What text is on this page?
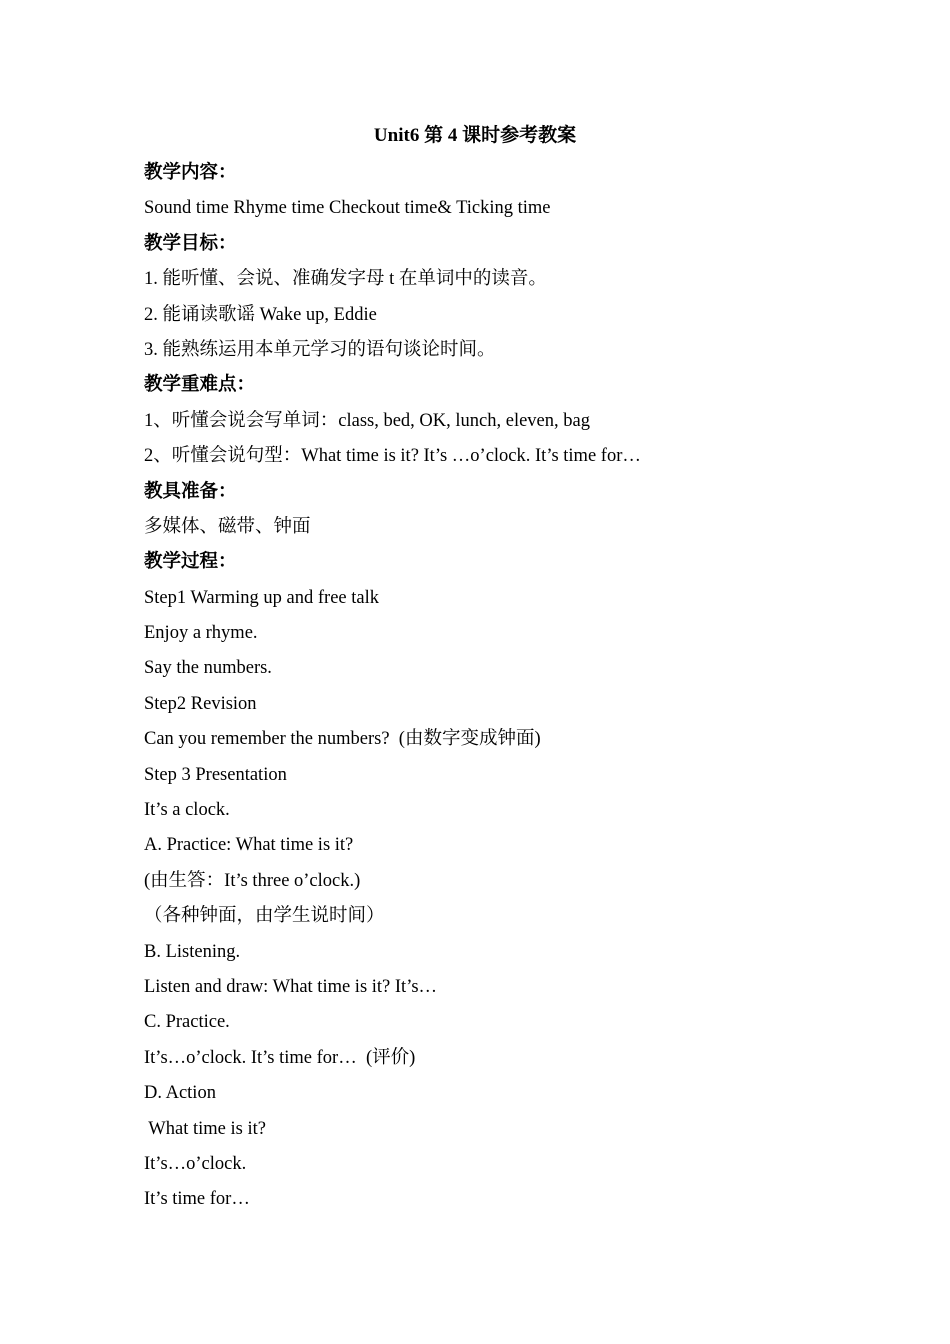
Unit6 第 4 课时参考教案

教学内容：

Sound time Rhyme time Checkout time& Ticking time

教学目标：

1. 能听懂、会说、准确发字母 t 在单词中的读音。

2. 能诵读歌谣 Wake up, Eddie

3. 能熟练运用本单元学习的语句谈论时间。

教学重难点：

1、听懂会说会写单词：class, bed, OK, lunch, eleven, bag

2、听懂会说句型：What time is it? It’s …o’clock. It’s time for…

教具准备：

多媒体、磁带、钟面

教学过程：

Step1 Warming up and free talk

Enjoy a rhyme.

Say the numbers.

Step2 Revision

Can you remember the numbers?  (由数字变成钟面)

Step 3 Presentation

It’s a clock.

A. Practice: What time is it?

(由生答：It’s three o’clock.)

（各种钟面，由学生说时间）

B. Listening.

Listen and draw: What time is it? It’s…

C. Practice.

It’s…o’clock. It’s time for…  (评价)

D. Action

What time is it?

It’s…o’clock.

It’s time for…
